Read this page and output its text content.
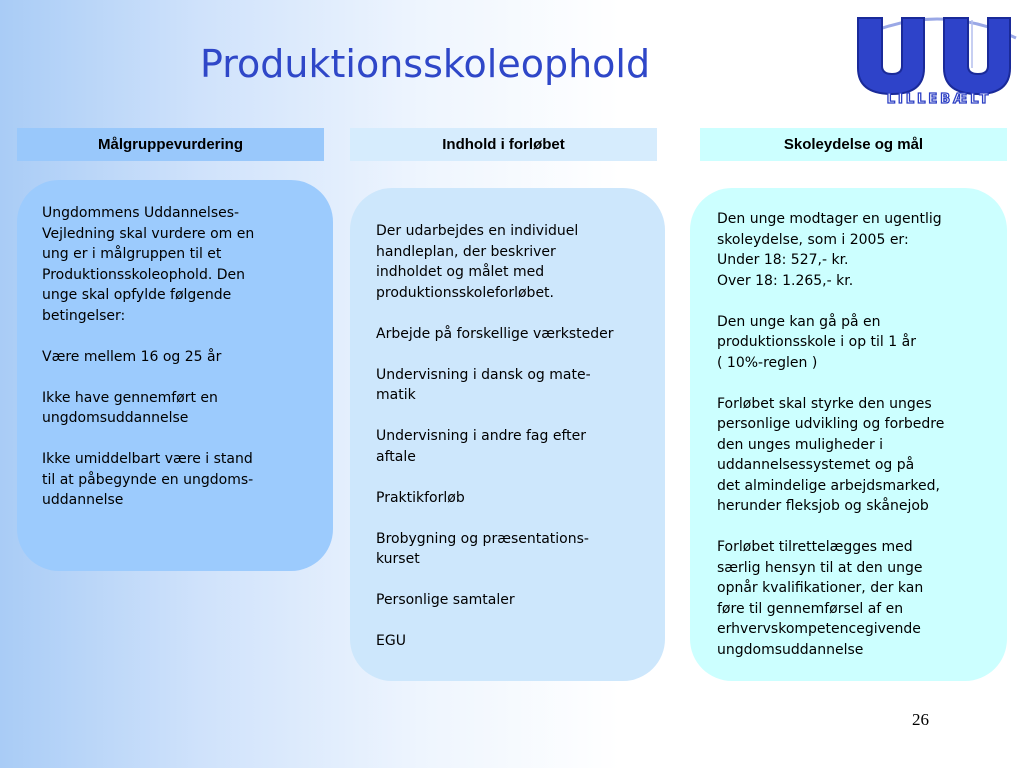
Produktionsskoleophold
LILLEBÆLT
Målgruppevurdering	Indhold i forløbet	Skoleydelse og mål

Ungdommens Uddannelses-
Vejledning skal vurdere om en
ung er i målgruppen til et
Produktionsskoleophold. Den
unge skal opfylde følgende
betingelser:

Være mellem 16 og 25 år

Ikke have gennemført en
ungdomsuddannelse

Ikke umiddelbart være i stand
til at påbegynde en ungdoms-
uddannelse

Der udarbejdes en individuel
handleplan, der beskriver
indholdet og målet med
produktionsskoleforløbet.

Arbejde på forskellige værksteder

Undervisning i dansk og mate-
matik

Undervisning i andre fag efter
aftale

Praktikforløb

Brobygning og præsentations-
kurset

Personlige samtaler

EGU

Den unge modtager en ugentlig
skoleydelse, som i 2005 er:
Under 18: 527,- kr.
Over 18: 1.265,- kr.

Den unge kan gå på en
produktionsskole i op til 1 år
( 10%-reglen )

Forløbet skal styrke den unges
personlige udvikling og forbedre
den unges muligheder i
uddannelsessystemet og på
det almindelige arbejdsmarked,
herunder fleksjob og skånejob

Forløbet tilrettelægges med
særlig hensyn til at den unge
opnår kvalifikationer, der kan
føre til gennemførsel af en
erhvervskompetencegivende
ungdomsuddannelse

26
